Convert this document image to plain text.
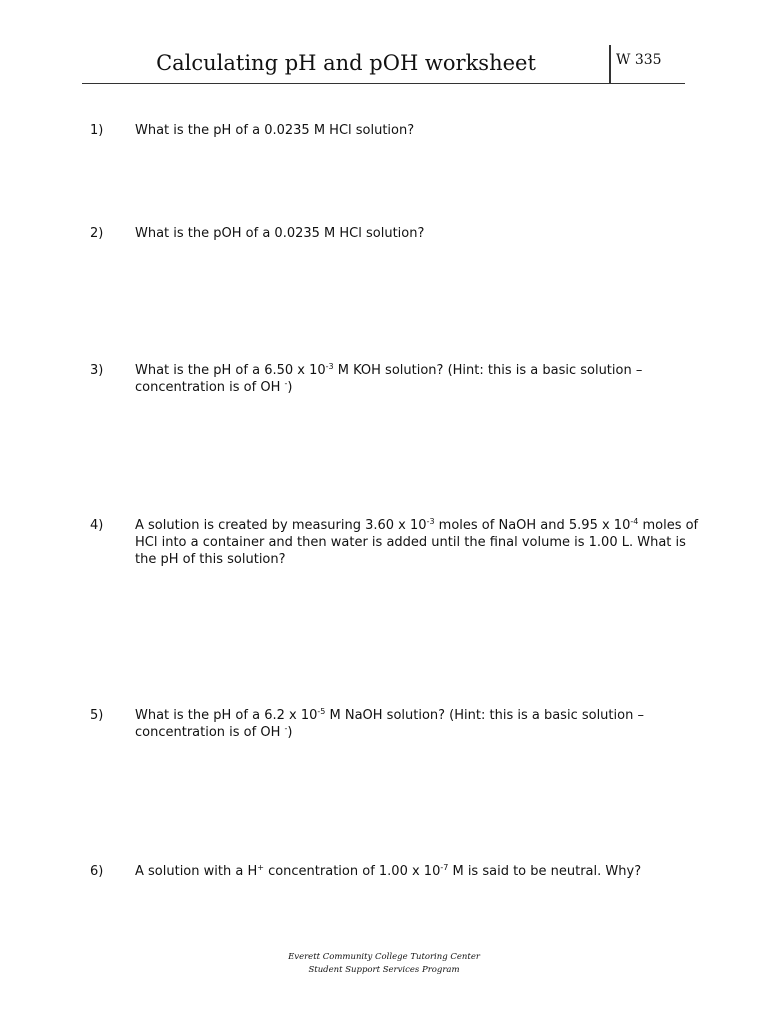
Calculating pH and pOH worksheet	W 335
1) What is the pH of a 0.0235 M HCl solution?
2) What is the pOH of a 0.0235 M HCl solution?
3) What is the pH of a 6.50 x $10^{-3}$ M KOH solution? (Hint: this is a basic solution –
concentration is of OH -)
4) A solution is created by measuring 3.60 x $10^{-3}$ moles of NaOH and 5.95 x $10^{-4}$ moles of
HCl into a container and then water is added until the final volume is 1.00 L. What is
the pH of this solution?
5) What is the pH of a 6.2 x $10^{-5}$ M NaOH solution? (Hint: this is a basic solution –
concentration is of OH -)
6) A solution with a H+ concentration of 1.00 x $10^{-7}$ M is said to be neutral. Why?
Everett Community College Tutoring Center
Student Support Services Program
